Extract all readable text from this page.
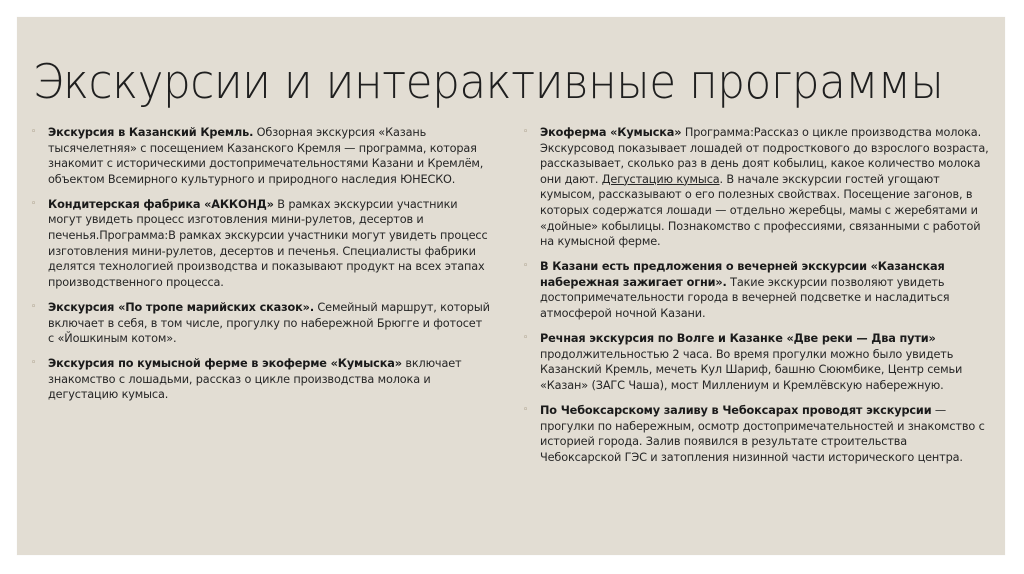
Экскурсии и интерактивные программы
◦ Экскурсия в Казанский Кремль. Обзорная экскурсия «Казань тысячелетняя» с посещением Казанского Кремля — программа, которая знакомит с историческими достопримечательностями Казани и Кремлём, объектом Всемирного культурного и природного наследия ЮНЕСКО.
◦ Кондитерская фабрика «АККОНД» В рамках экскурсии участники могут увидеть процесс изготовления мини-рулетов, десертов и печенья.Программа:В рамках экскурсии участники могут увидеть процесс изготовления мини-рулетов, десертов и печенья. Специалисты фабрики делятся технологией производства и показывают продукт на всех этапах производственного процесса.
◦ Экскурсия «По тропе марийских сказок». Семейный маршрут, который включает в себя, в том числе, прогулку по набережной Брюгге и фотосет с «Йошкиным котом».
◦ Экскурсия по кумысной ферме в экоферме «Кумыска» включает знакомство с лошадьми, рассказ о цикле производства молока и дегустацию кумыса.
◦ Экоферма «Кумыска» Программа:Рассказ о цикле производства молока. Экскурсовод показывает лошадей от подросткового до взрослого возраста, рассказывает, сколько раз в день доят кобылиц, какое количество молока они дают. Дегустацию кумыса. В начале экскурсии гостей угощают кумысом, рассказывают о его полезных свойствах. Посещение загонов, в которых содержатся лошади — отдельно жеребцы, мамы с жеребятами и «дойные» кобылицы. Познакомство с профессиями, связанными с работой на кумысной ферме.
◦ В Казани есть предложения о вечерней экскурсии «Казанская набережная зажигает огни». Такие экскурсии позволяют увидеть достопримечательности города в вечерней подсветке и насладиться атмосферой ночной Казани.
◦ Речная экскурсия по Волге и Казанке «Две реки — Два пути» продолжительностью 2 часа. Во время прогулки можно было увидеть Казанский Кремль, мечеть Кул Шариф, башню Сююмбике, Центр семьи «Казан» (ЗАГС Чаша), мост Миллениум и Кремлёвскую набережную.
◦ По Чебоксарскому заливу в Чебоксарах проводят экскурсии — прогулки по набережным, осмотр достопримечательностей и знакомство с историей города. Залив появился в результате строительства Чебоксарской ГЭС и затопления низинной части исторического центра.
